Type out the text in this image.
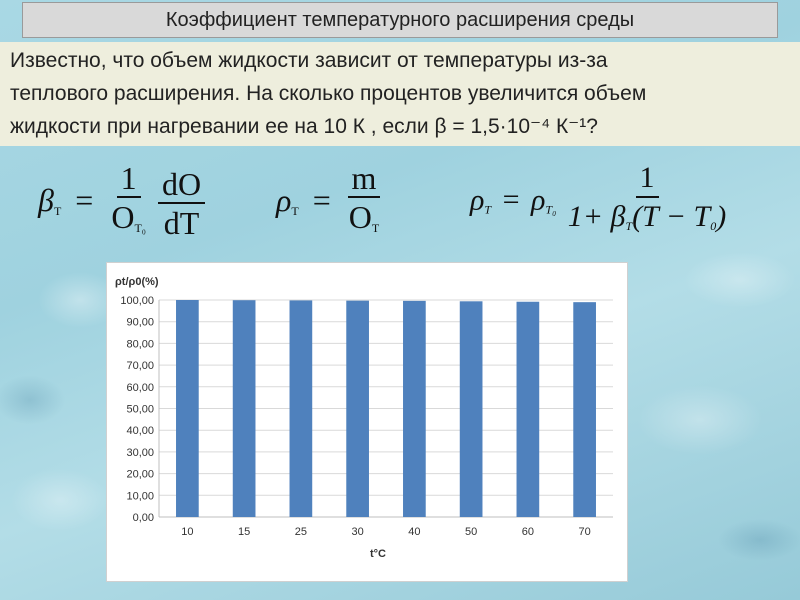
Коэффициент температурного расширения среды
Известно, что объем жидкости зависит от температуры из-за
теплового расширения. На сколько процентов увеличится объем
жидкости при нагревании ее на 10 К , если β = 1,5·10⁻⁴ К⁻¹?
$\beta_T = \frac{1}{O_{T_0}}$
$\frac{dO}{dT} \rho_T = \frac{m}{O_T}$	$\rho_T = \rho_{T_0} \frac{1}{1+ \beta_T(T - T_0)}$
ρt/ρ0(%)
0,00
10,00
20,00
30,00
40,00
50,00
60,00
70,00
80,00
90,00
100,00
10	15	25	30	40	50	60	70
t°C
